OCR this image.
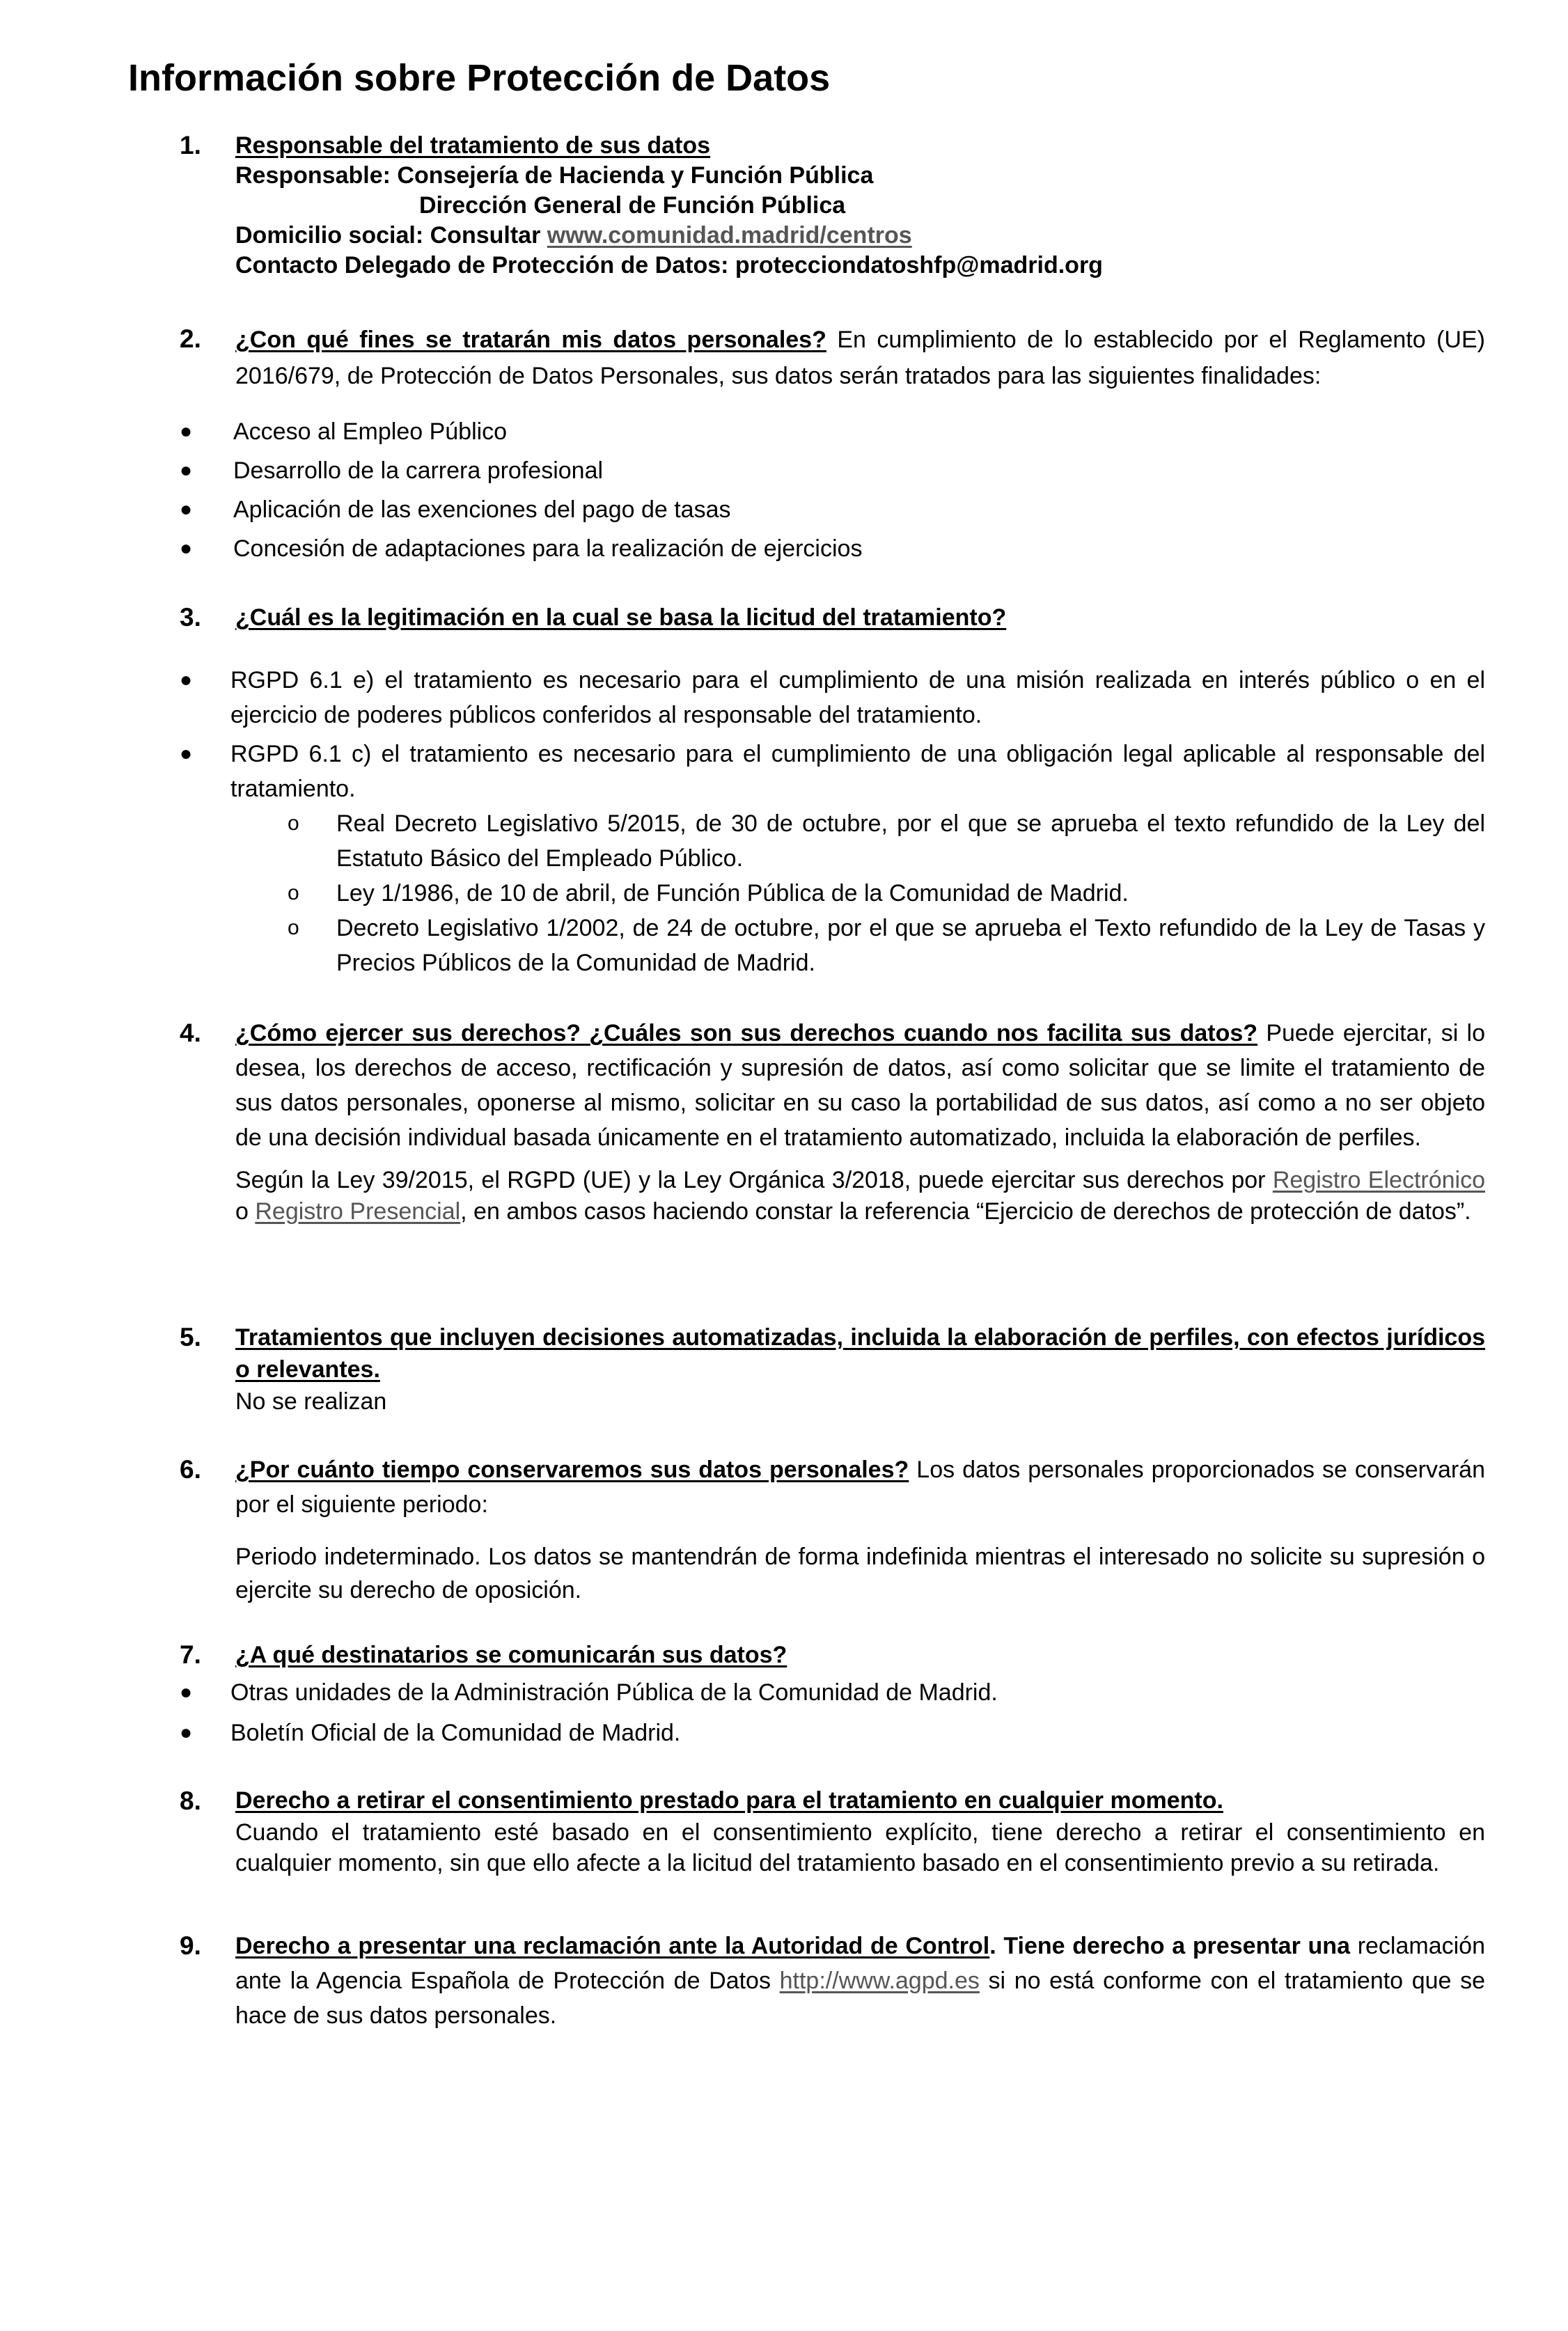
Información sobre Protección de Datos
1.	Responsable del tratamiento de sus datos
Responsable: Consejería de Hacienda y Función Pública
Dirección General de Función Pública
Domicilio social: Consultar www.comunidad.madrid/centros
Contacto Delegado de Protección de Datos: protecciondatoshfp@madrid.org
2.	¿Con qué fines se tratarán mis datos personales? En cumplimiento de lo establecido por el Reglamento (UE) 2016/679, de Protección de Datos Personales, sus datos serán tratados para las siguientes finalidades:
●	Acceso al Empleo Público
●	Desarrollo de la carrera profesional
●	Aplicación de las exenciones del pago de tasas
●	Concesión de adaptaciones para la realización de ejercicios
3.	¿Cuál es la legitimación en la cual se basa la licitud del tratamiento?
●	RGPD 6.1 e) el tratamiento es necesario para el cumplimiento de una misión realizada en interés público o en el ejercicio de poderes públicos conferidos al responsable del tratamiento.
●	RGPD 6.1 c) el tratamiento es necesario para el cumplimiento de una obligación legal aplicable al responsable del tratamiento.
o Real Decreto Legislativo 5/2015, de 30 de octubre, por el que se aprueba el texto refundido de la Ley del Estatuto Básico del Empleado Público.
o Ley 1/1986, de 10 de abril, de Función Pública de la Comunidad de Madrid.
o Decreto Legislativo 1/2002, de 24 de octubre, por el que se aprueba el Texto refundido de la Ley de Tasas y Precios Públicos de la Comunidad de Madrid.
4.	¿Cómo ejercer sus derechos? ¿Cuáles son sus derechos cuando nos facilita sus datos? Puede ejercitar, si lo desea, los derechos de acceso, rectificación y supresión de datos, así como solicitar que se limite el tratamiento de sus datos personales, oponerse al mismo, solicitar en su caso la portabilidad de sus datos, así como a no ser objeto de una decisión individual basada únicamente en el tratamiento automatizado, incluida la elaboración de perfiles.
Según la Ley 39/2015, el RGPD (UE) y la Ley Orgánica 3/2018, puede ejercitar sus derechos por Registro Electrónico o Registro Presencial, en ambos casos haciendo constar la referencia “Ejercicio de derechos de protección de datos”.
5.	Tratamientos que incluyen decisiones automatizadas, incluida la elaboración de perfiles, con efectos jurídicos o relevantes.
No se realizan
6.	¿Por cuánto tiempo conservaremos sus datos personales? Los datos personales proporcionados se conservarán por el siguiente periodo:
Periodo indeterminado. Los datos se mantendrán de forma indefinida mientras el interesado no solicite su supresión o ejercite su derecho de oposición.
7.	¿A qué destinatarios se comunicarán sus datos?
●	Otras unidades de la Administración Pública de la Comunidad de Madrid.
●	Boletín Oficial de la Comunidad de Madrid.
8.	Derecho a retirar el consentimiento prestado para el tratamiento en cualquier momento.
Cuando el tratamiento esté basado en el consentimiento explícito, tiene derecho a retirar el consentimiento en cualquier momento, sin que ello afecte a la licitud del tratamiento basado en el consentimiento previo a su retirada.
9.	Derecho a presentar una reclamación ante la Autoridad de Control. Tiene derecho a presentar una reclamación ante la Agencia Española de Protección de Datos http://www.agpd.es si no está conforme con el tratamiento que se hace de sus datos personales.
